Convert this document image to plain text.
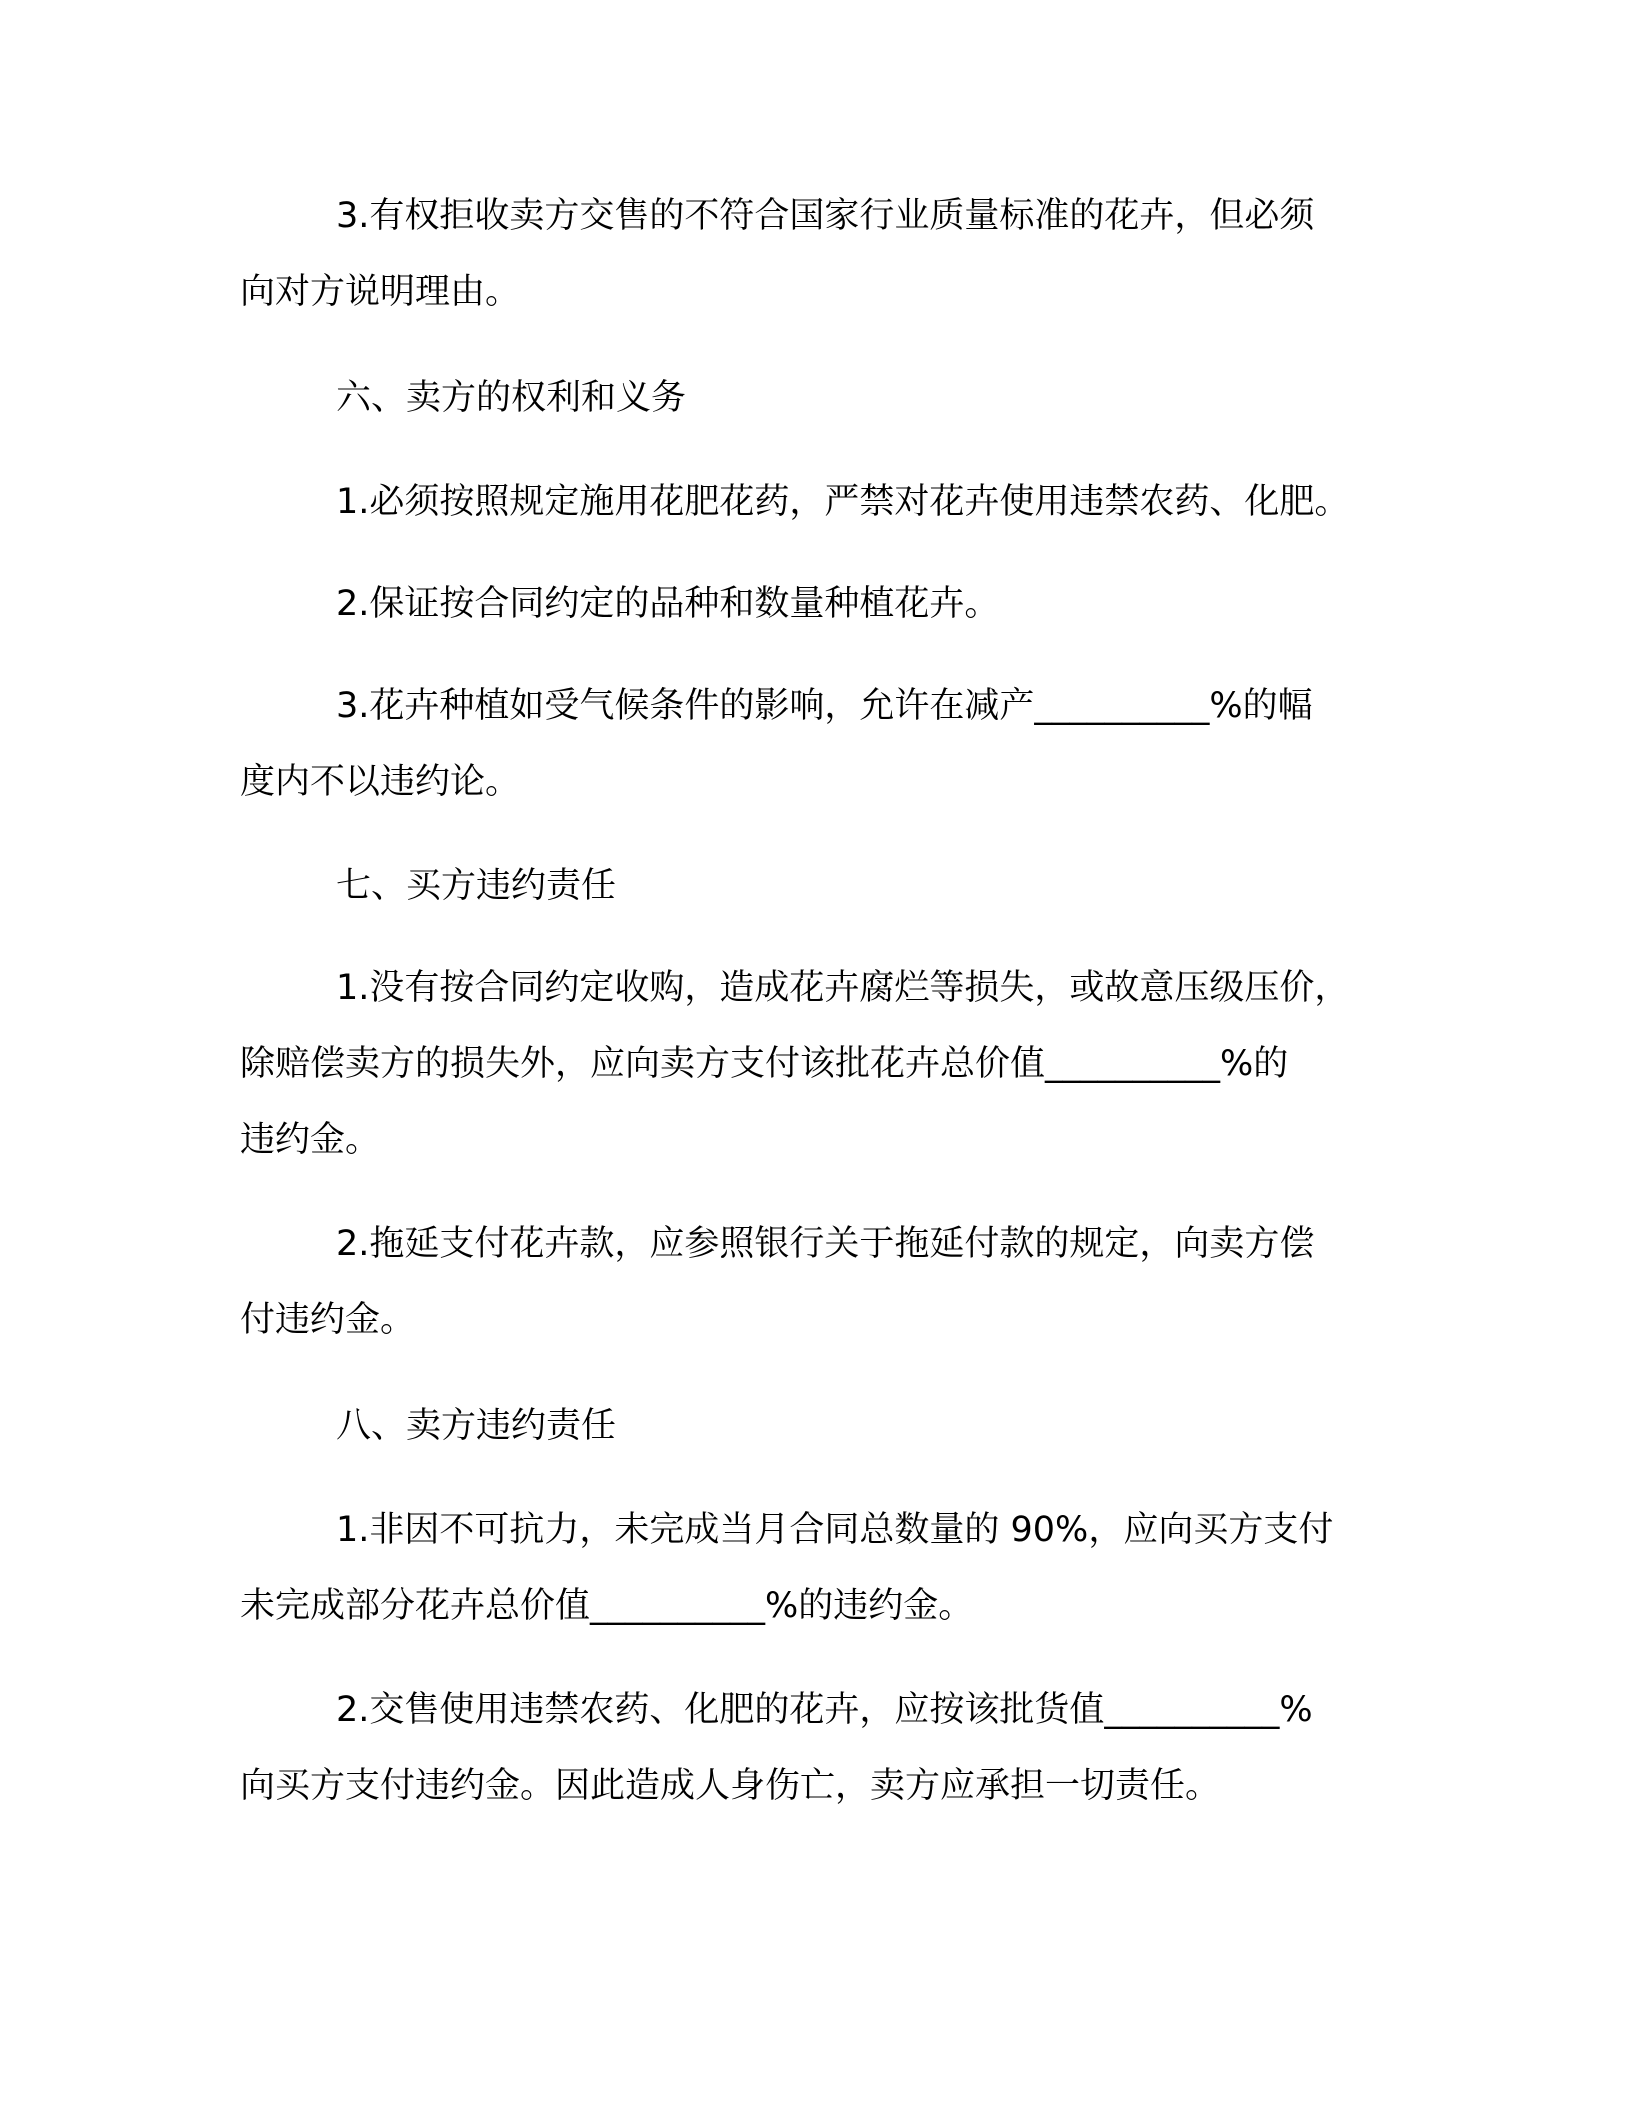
3.有权拒收卖方交售的不符合国家行业质量标准的花卉，但必须
向对方说明理由。

六、卖方的权利和义务

1.必须按照规定施用花肥花药，严禁对花卉使用违禁农药、化肥。

2.保证按合同约定的品种和数量种植花卉。

3.花卉种植如受气候条件的影响，允许在减产__________%的幅
度内不以违约论。

七、买方违约责任

1.没有按合同约定收购，造成花卉腐烂等损失，或故意压级压价，
除赔偿卖方的损失外，应向卖方支付该批花卉总价值__________%的
违约金。

2.拖延支付花卉款，应参照银行关于拖延付款的规定，向卖方偿
付违约金。

八、卖方违约责任

1.非因不可抗力，未完成当月合同总数量的 90%，应向买方支付
未完成部分花卉总价值__________%的违约金。

2.交售使用违禁农药、化肥的花卉，应按该批货值__________%
向买方支付违约金。因此造成人身伤亡，卖方应承担一切责任。
